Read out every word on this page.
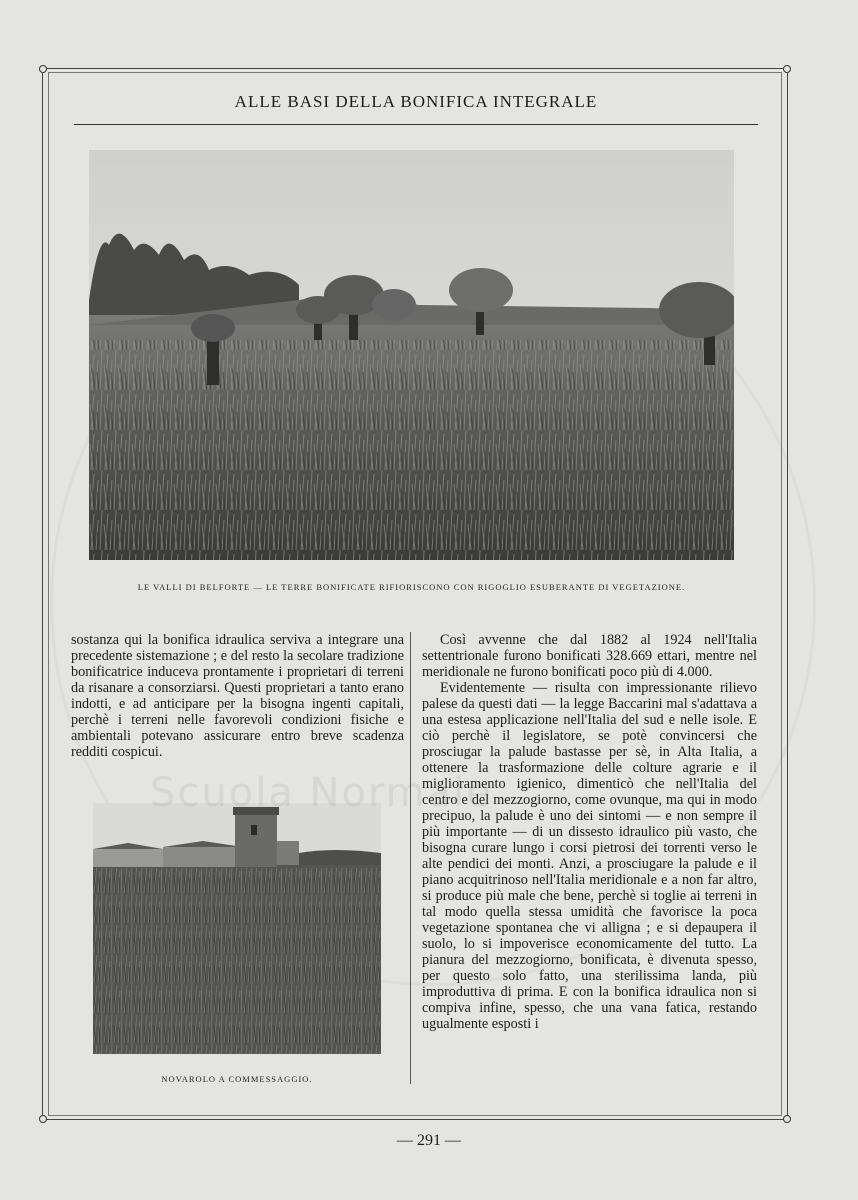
ALLE BASI DELLA BONIFICA INTEGRALE
LE VALLI DI BELFORTE — LE TERRE BONIFICATE RIFIORISCONO CON RIGOGLIO ESUBERANTE DI VEGETAZIONE.

sostanza qui la bonifica idraulica serviva a integrare una precedente sistemazione ; e del resto la secolare tradizione bonificatrice induceva prontamente i proprietari di terreni da risanare a consorziarsi. Questi proprietari a tanto erano indotti, e ad anticipare per la bisogna ingenti capitali, perchè i terreni nelle favorevoli condizioni fisiche e ambientali potevano assicurare entro breve scadenza redditi cospicui.

Così avvenne che dal 1882 al 1924 nell'Italia settentrionale furono bonificati 328.669 ettari, mentre nel meridionale ne furono bonificati poco più di 4.000.

Evidentemente — risulta con impressionante rilievo palese da questi dati — la legge Baccarini mal s'adattava a una estesa applicazione nell'Italia del sud e nelle isole. E ciò perchè il legislatore, se potè convincersi che prosciugar la palude bastasse per sè, in Alta Italia, a ottenere la trasformazione delle colture agrarie e il miglioramento igienico, dimenticò che nell'Italia del centro e del mezzogiorno, come ovunque, ma qui in modo precipuo, la palude è uno dei sintomi — e non sempre il più importante — di un dissesto idraulico più vasto, che bisogna curare lungo i corsi pietrosi dei torrenti verso le alte pendici dei monti. Anzi, a prosciugare la palude e il piano acquitrinoso nell'Italia meridionale e a non far altro, si produce più male che bene, perchè si toglie ai terreni in tal modo quella stessa umidità che favorisce la poca vegetazione spontanea che vi alligna ; e si depaupera il suolo, lo si impoverisce economicamente del tutto. La pianura del mezzogiorno, bonificata, è divenuta spesso, per questo solo fatto, una sterilissima landa, più improduttiva di prima. E con la bonifica idraulica non si compiva infine, spesso, che una vana fatica, restando ugualmente esposti i

NOVAROLO A COMMESSAGGIO.
Scuola Normale
— 291 —
